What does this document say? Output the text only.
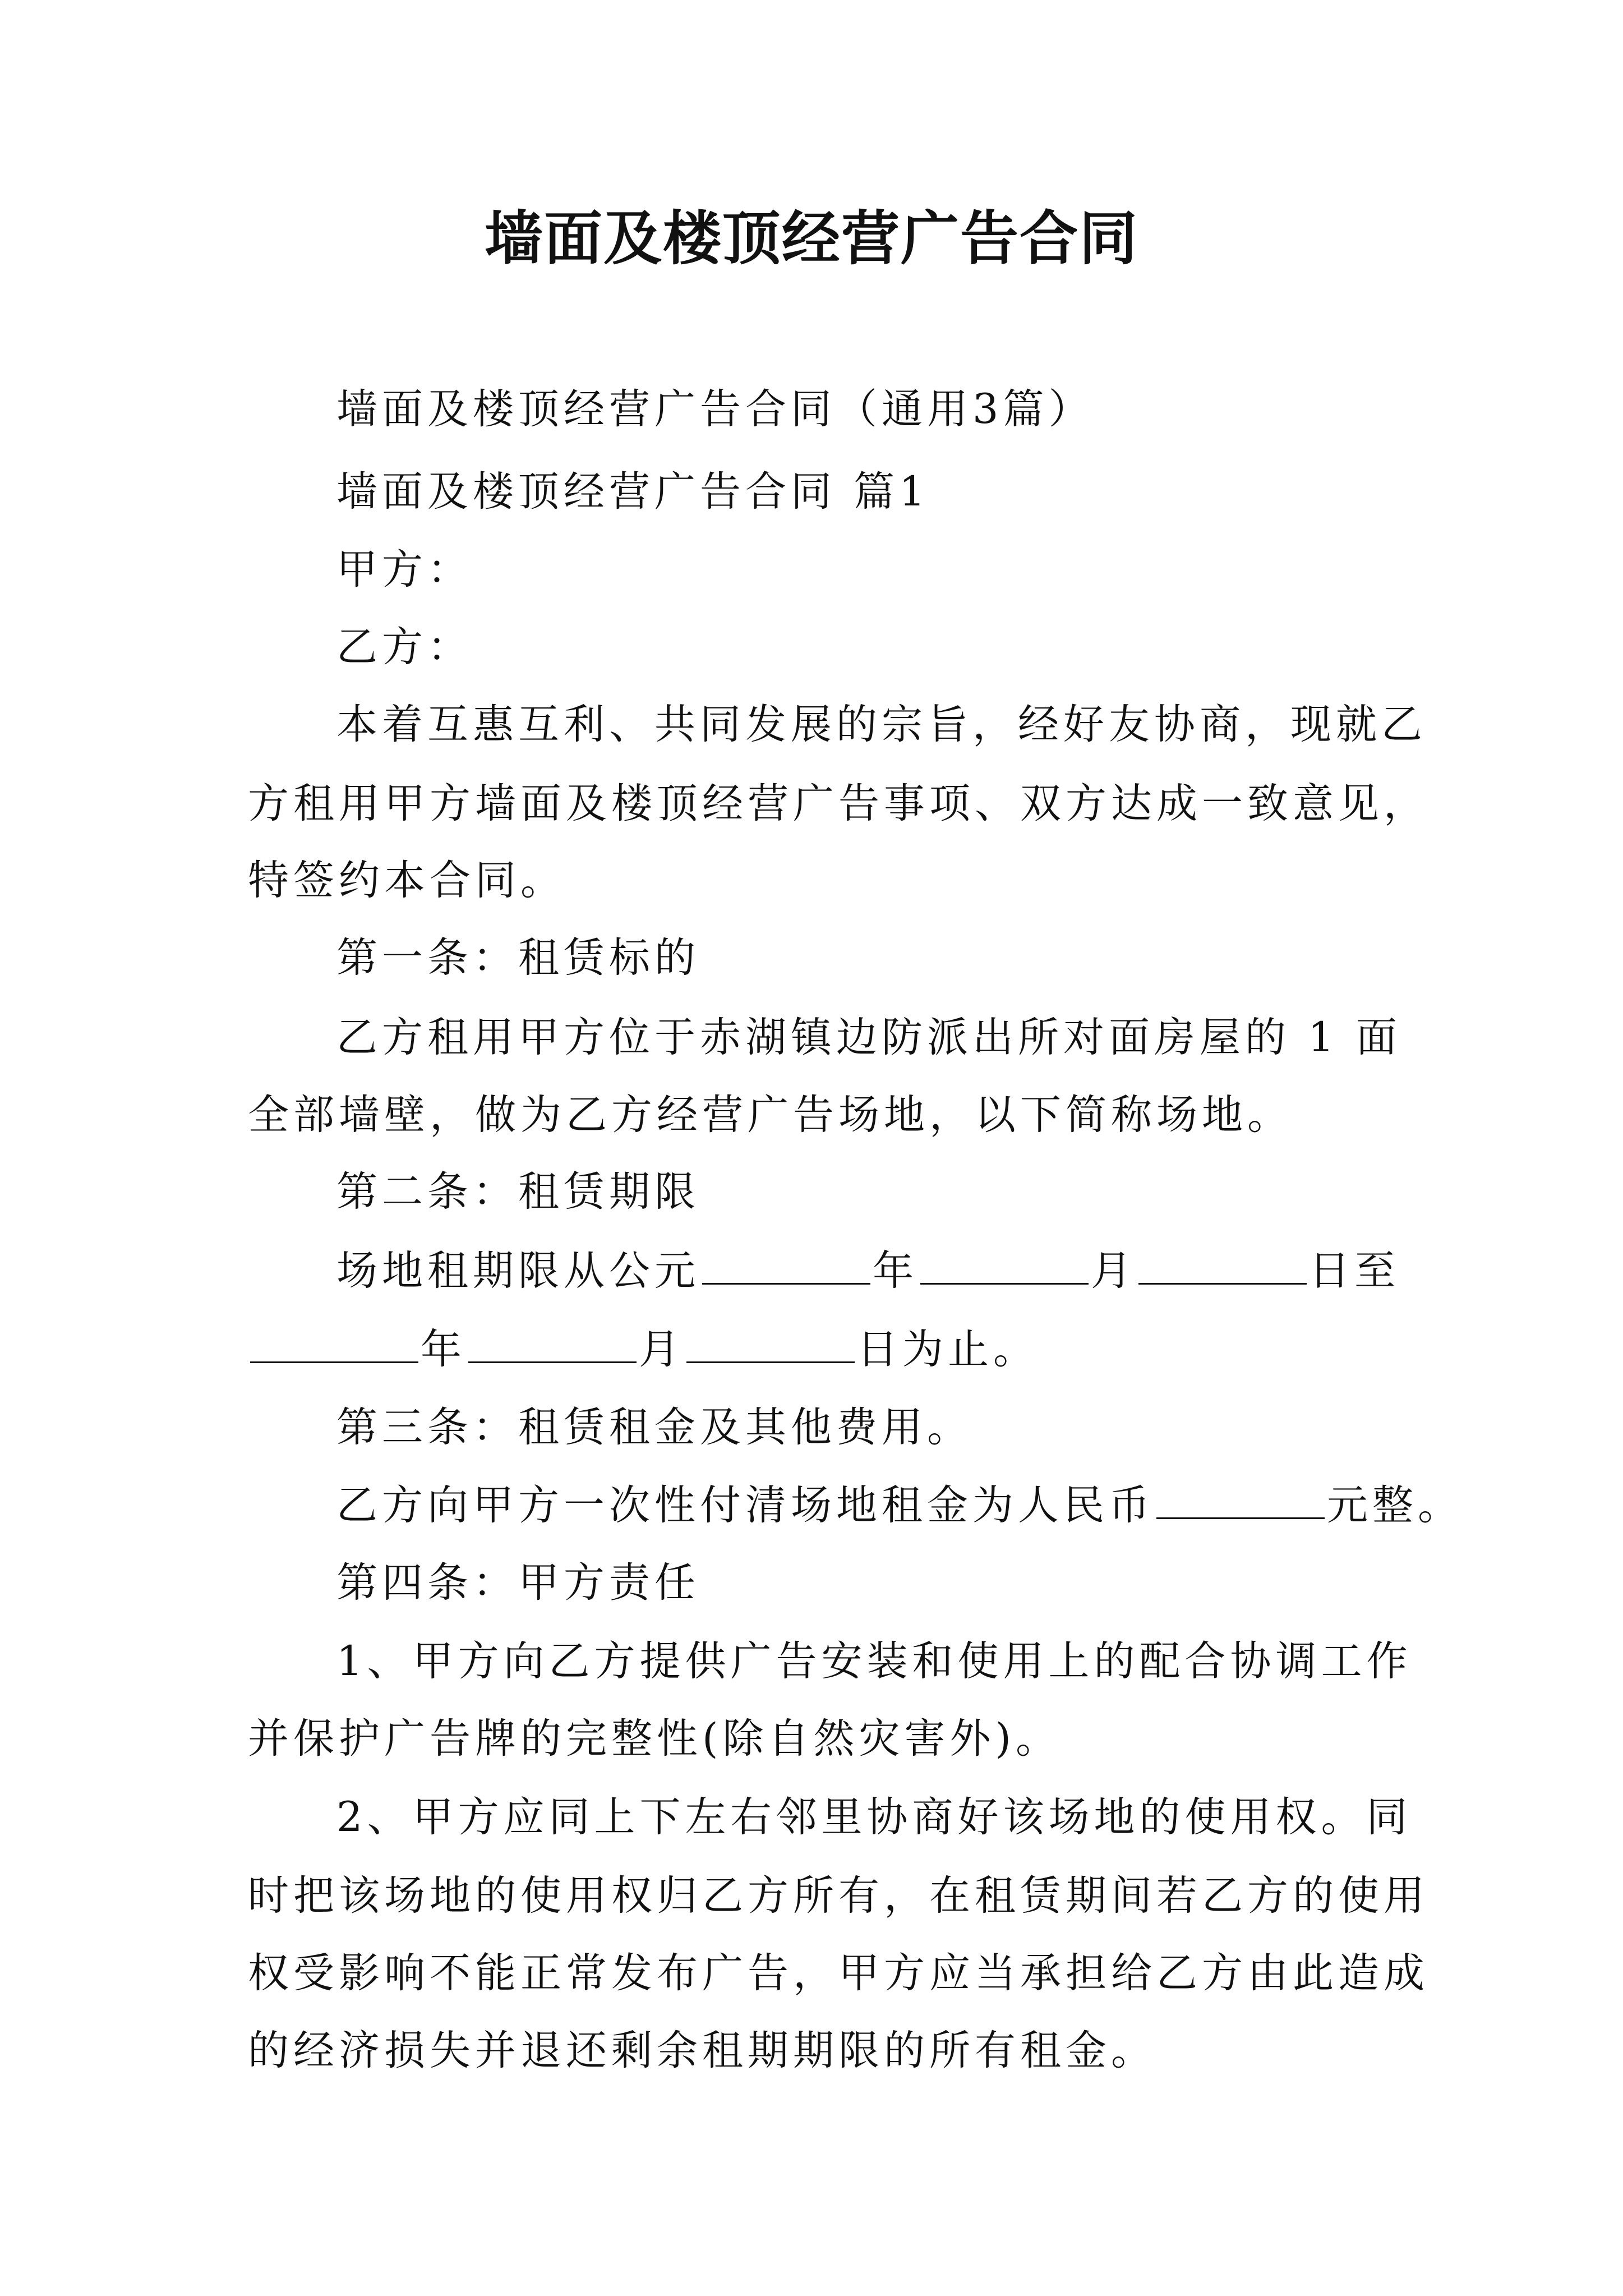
墙面及楼顶经营广告合同
墙面及楼顶经营广告合同（通用3篇）
墙面及楼顶经营广告合同 篇1
甲方：
乙方：
本着互惠互利、共同发展的宗旨，经好友协商，现就乙
方租用甲方墙面及楼顶经营广告事项、双方达成一致意见，
特签约本合同。
第一条：租赁标的
乙方租用甲方位于赤湖镇边防派出所对面房屋的 1 面
全部墙壁，做为乙方经营广告场地，以下简称场地。
第二条：租赁期限
场地租期限从公元	年	月	日至
年	月	日为止。
第三条：租赁租金及其他费用。
乙方向甲方一次性付清场地租金为人民币	元整。
第四条：甲方责任
1、甲方向乙方提供广告安装和使用上的配合协调工作
并保护广告牌的完整性(除自然灾害外)。
2、甲方应同上下左右邻里协商好该场地的使用权。同
时把该场地的使用权归乙方所有，在租赁期间若乙方的使用
权受影响不能正常发布广告，甲方应当承担给乙方由此造成
的经济损失并退还剩余租期期限的所有租金。
